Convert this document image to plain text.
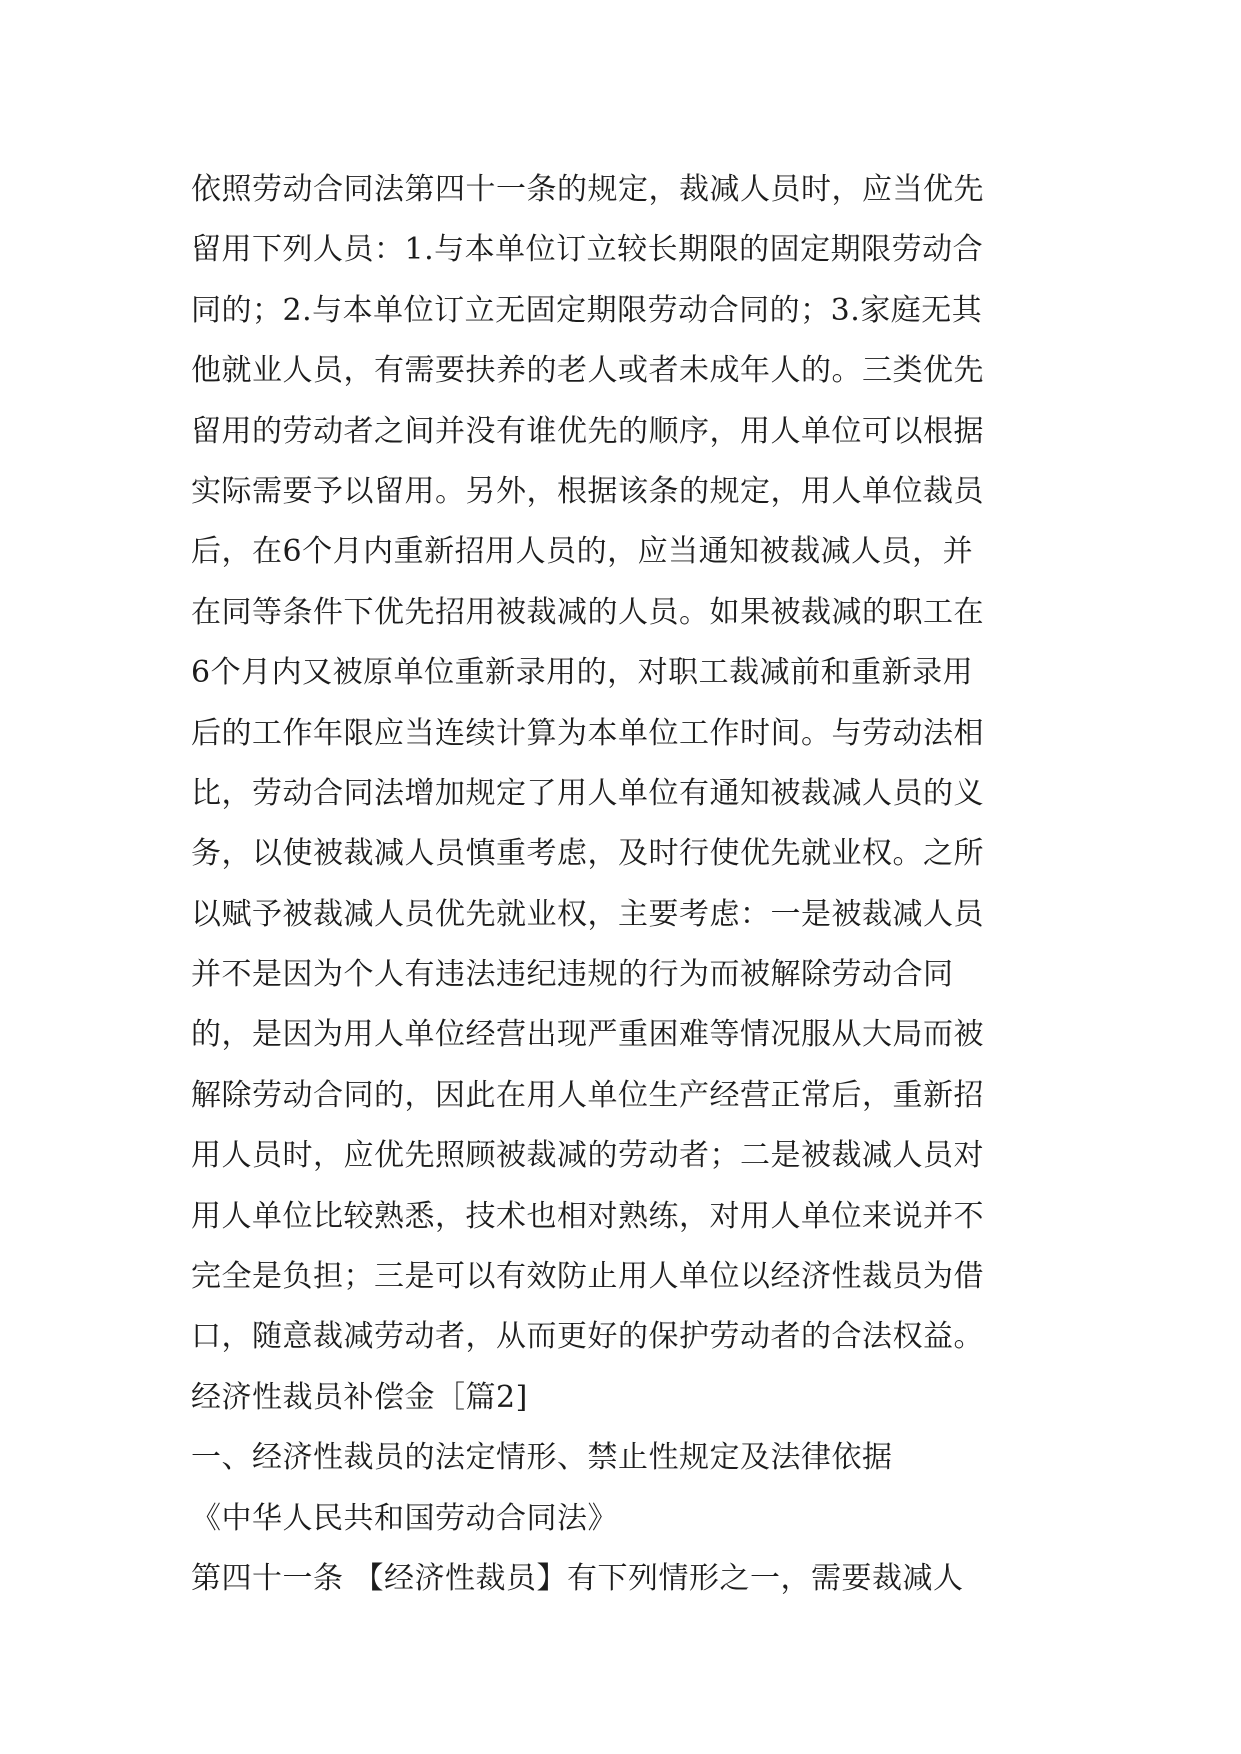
依照劳动合同法第四十一条的规定，裁减人员时，应当优先
留用下列人员：1.与本单位订立较长期限的固定期限劳动合
同的；2.与本单位订立无固定期限劳动合同的；3.家庭无其
他就业人员，有需要扶养的老人或者未成年人的。三类优先
留用的劳动者之间并没有谁优先的顺序，用人单位可以根据
实际需要予以留用。另外，根据该条的规定，用人单位裁员
后，在6个月内重新招用人员的，应当通知被裁减人员，并
在同等条件下优先招用被裁减的人员。如果被裁减的职工在
6个月内又被原单位重新录用的，对职工裁减前和重新录用
后的工作年限应当连续计算为本单位工作时间。与劳动法相
比，劳动合同法增加规定了用人单位有通知被裁减人员的义
务，以使被裁减人员慎重考虑，及时行使优先就业权。之所
以赋予被裁减人员优先就业权，主要考虑：一是被裁减人员
并不是因为个人有违法违纪违规的行为而被解除劳动合同
的，是因为用人单位经营出现严重困难等情况服从大局而被
解除劳动合同的，因此在用人单位生产经营正常后，重新招
用人员时，应优先照顾被裁减的劳动者；二是被裁减人员对
用人单位比较熟悉，技术也相对熟练，对用人单位来说并不
完全是负担；三是可以有效防止用人单位以经济性裁员为借
口，随意裁减劳动者，从而更好的保护劳动者的合法权益。
经济性裁员补偿金［篇2]
一、经济性裁员的法定情形、禁止性规定及法律依据
《中华人民共和国劳动合同法》
第四十一条 【经济性裁员】有下列情形之一，需要裁减人
